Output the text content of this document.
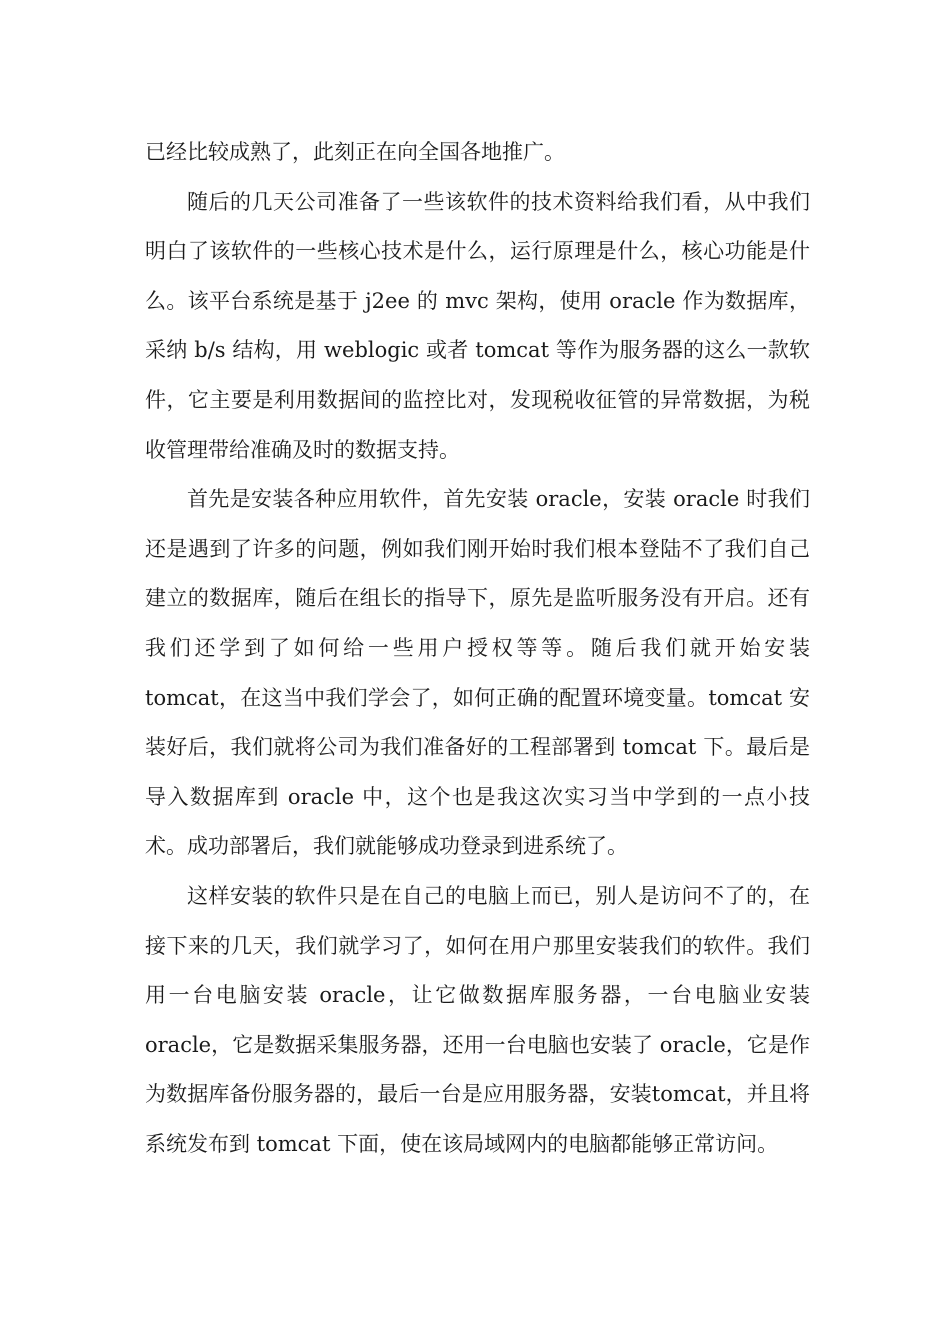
已经比较成熟了，此刻正在向全国各地推广。

随后的几天公司准备了一些该软件的技术资料给我们看，从中我们明白了该软件的一些核心技术是什么，运行原理是什么，核心功能是什么。该平台系统是基于 j2ee 的 mvc 架构，使用 oracle 作为数据库，采纳 b/s 结构，用 weblogic 或者 tomcat 等作为服务器的这么一款软件，它主要是利用数据间的监控比对，发现税收征管的异常数据，为税收管理带给准确及时的数据支持。

首先是安装各种应用软件，首先安装 oracle，安装 oracle 时我们还是遇到了许多的问题，例如我们刚开始时我们根本登陆不了我们自己建立的数据库，随后在组长的指导下，原先是监听服务没有开启。还有我们还学到了如何给一些用户授权等等。随后我们就开始安装 tomcat，在这当中我们学会了，如何正确的配置环境变量。tomcat 安装好后，我们就将公司为我们准备好的工程部署到 tomcat 下。最后是导入数据库到 oracle 中，这个也是我这次实习当中学到的一点小技术。成功部署后，我们就能够成功登录到进系统了。

这样安装的软件只是在自己的电脑上而已，别人是访问不了的，在接下来的几天，我们就学习了，如何在用户那里安装我们的软件。我们用一台电脑安装 oracle，让它做数据库服务器，一台电脑业安装 oracle，它是数据采集服务器，还用一台电脑也安装了 oracle，它是作为数据库备份服务器的，最后一台是应用服务器，安装tomcat，并且将系统发布到 tomcat 下面，使在该局域网内的电脑都能够正常访问。
